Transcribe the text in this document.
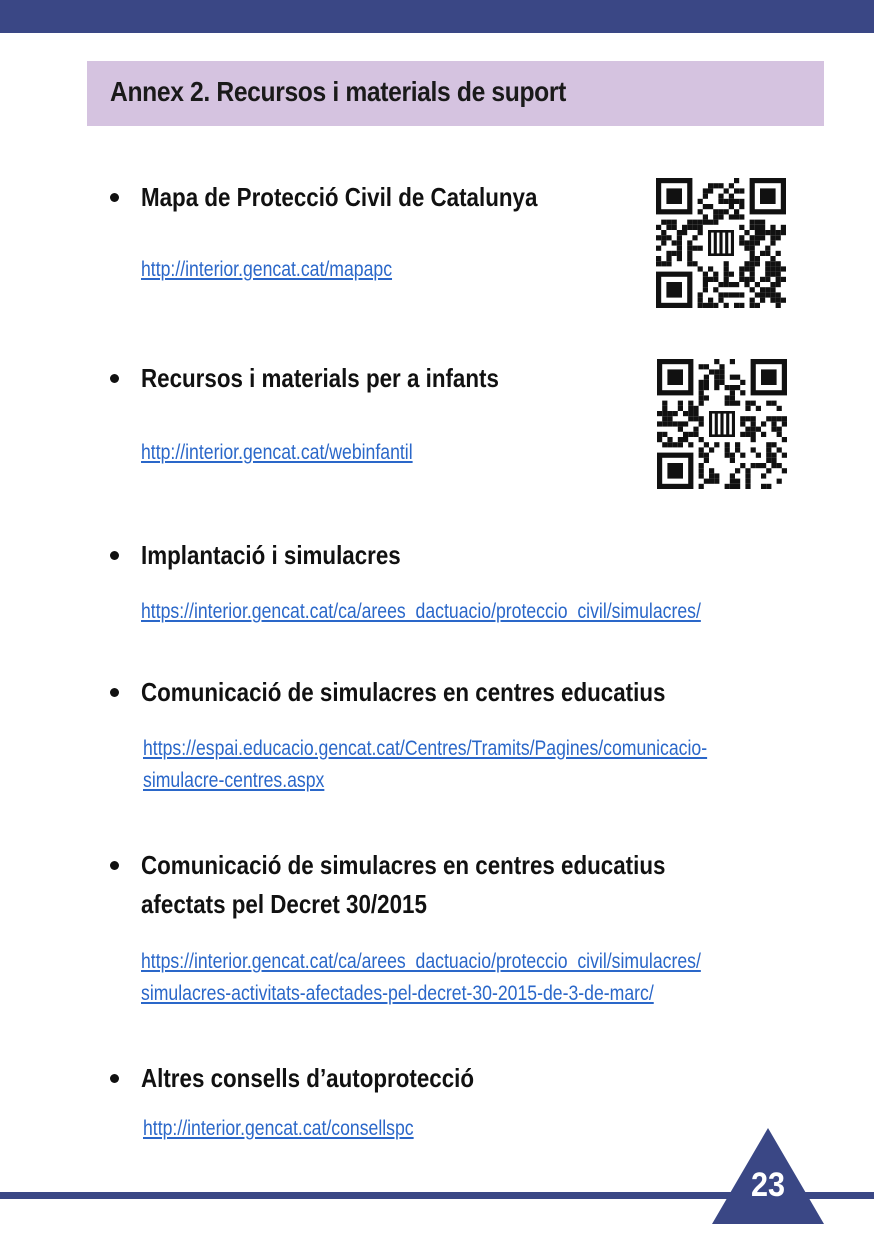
Annex 2. Recursos i materials de suport

Mapa de Protecció Civil de Catalunya

http://interior.gencat.cat/mapapc

Recursos i materials per a infants

http://interior.gencat.cat/webinfantil

Implantació i simulacres

https://interior.gencat.cat/ca/arees_dactuacio/proteccio_civil/simulacres/

Comunicació de simulacres en centres educatius

https://espai.educacio.gencat.cat/Centres/Tramits/Pagines/comunicacio-
simulacre-centres.aspx

Comunicació de simulacres en centres educatius

afectats pel Decret 30/2015

https://interior.gencat.cat/ca/arees_dactuacio/proteccio_civil/simulacres/
simulacres-activitats-afectades-pel-decret-30-2015-de-3-de-marc/

Altres consells d’autoprotecció

http://interior.gencat.cat/consellspc
23
